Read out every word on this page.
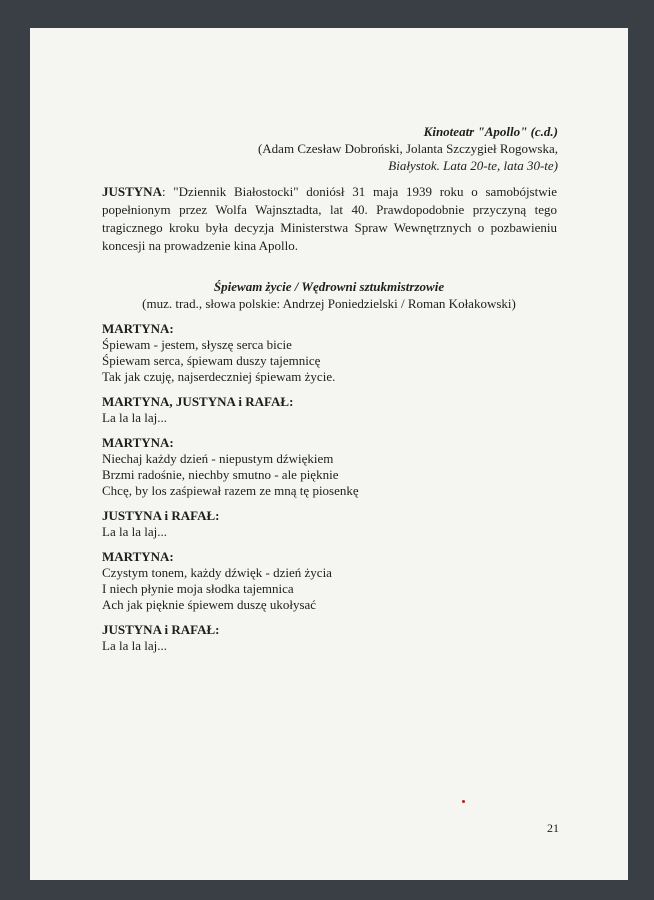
Kinoteatr "Apollo" (c.d.)
(Adam Czesław Dobroński, Jolanta Szczygieł Rogowska,
Białystok. Lata 20-te, lata 30-te)
JUSTYNA: "Dziennik Białostocki" doniósł 31 maja 1939 roku o samobójstwie popełnionym przez Wolfa Wajnsztadta, lat 40. Prawdopodobnie przyczyną tego tragicznego kroku była decyzja Ministerstwa Spraw Wewnętrznych o pozbawieniu koncesji na prowadzenie kina Apollo.
Śpiewam życie / Wędrowni sztukmistrzowie
(muz. trad., słowa polskie: Andrzej Poniedzielski / Roman Kołakowski)
MARTYNA:
Śpiewam - jestem, słyszę serca bicie
Śpiewam serca, śpiewam duszy tajemnicę
Tak jak czuję, najserdeczniej śpiewam życie.
MARTYNA, JUSTYNA i RAFAŁ:
La la la laj...
MARTYNA:
Niechaj każdy dzień - niepustym dźwiękiem
Brzmi radośnie, niechby smutno - ale pięknie
Chcę, by los zaśpiewał razem ze mną tę piosenkę
JUSTYNA i RAFAŁ:
La la la laj...
MARTYNA:
Czystym tonem, każdy dźwięk - dzień życia
I niech płynie moja słodka tajemnica
Ach jak pięknie śpiewem duszę ukołysać
JUSTYNA i RAFAŁ:
La la la laj...
21
